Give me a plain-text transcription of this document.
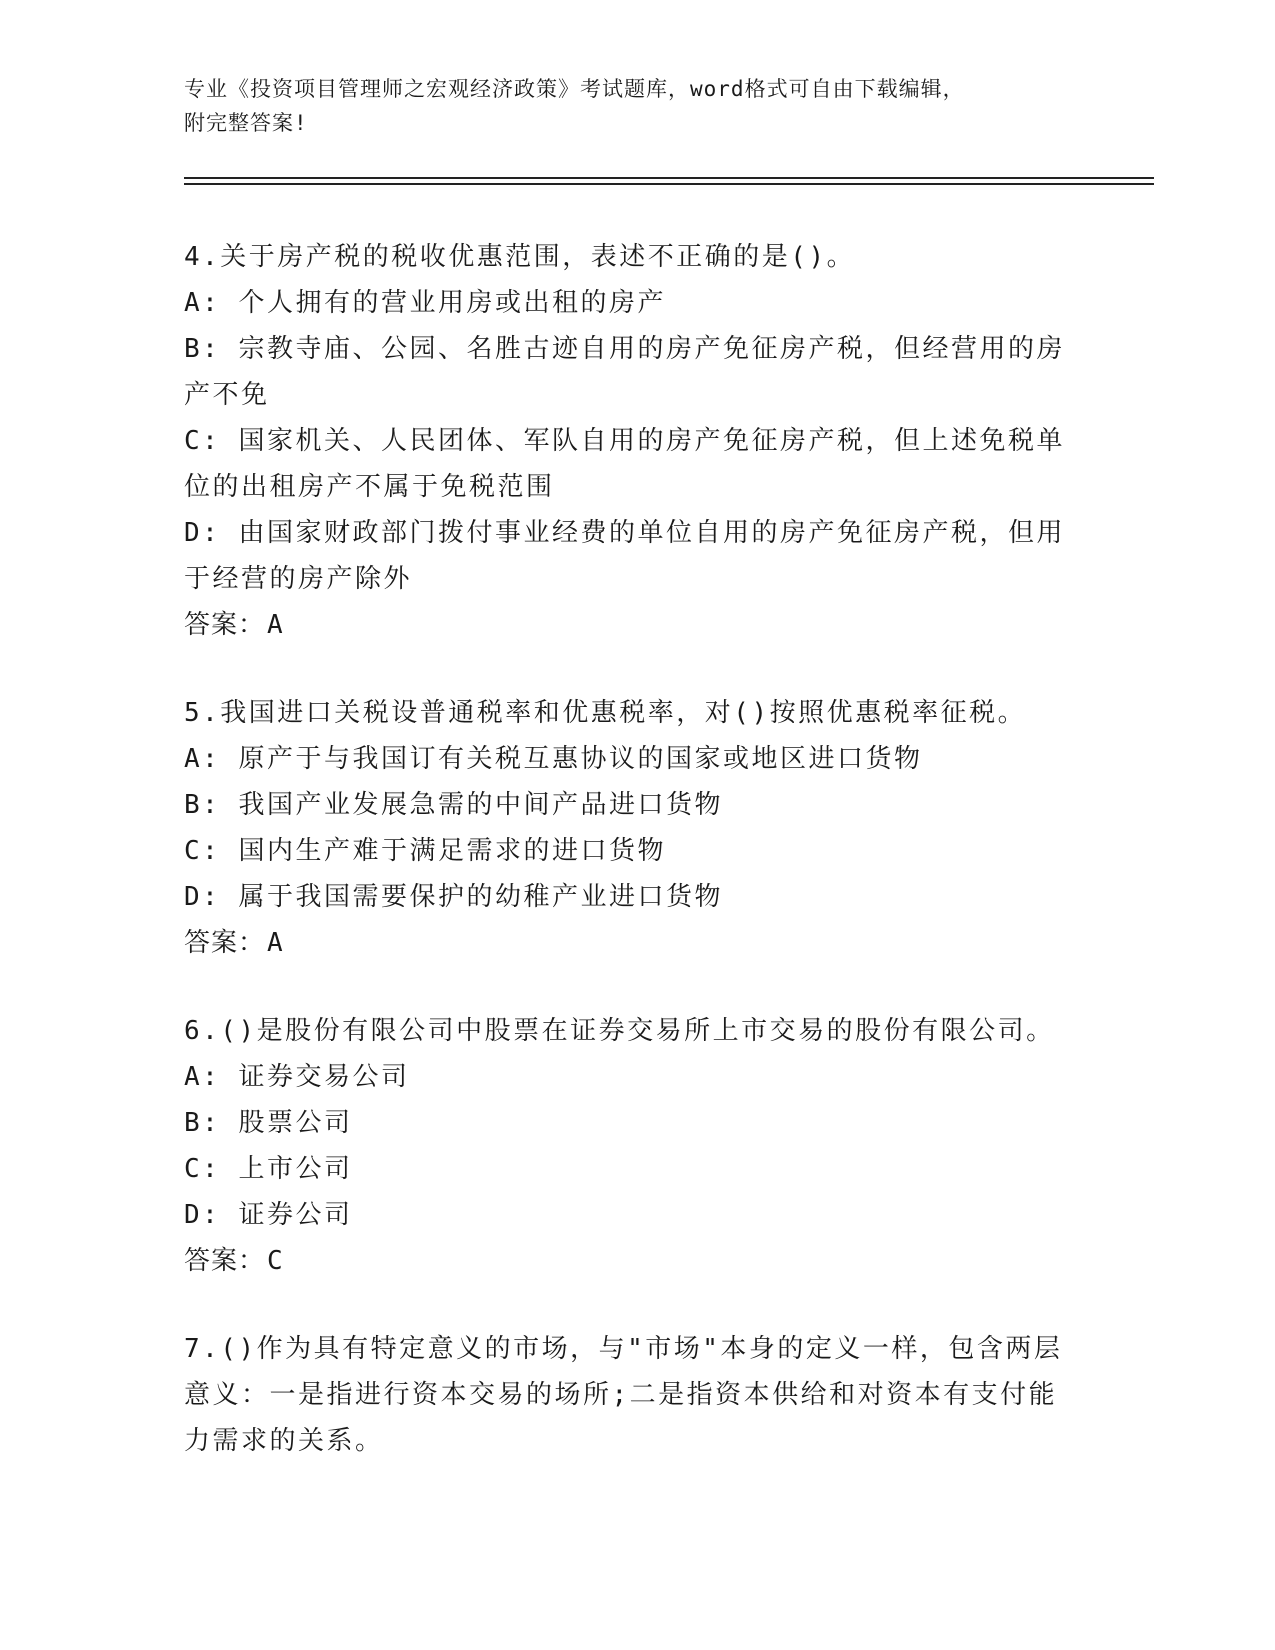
专业《投资项目管理师之宏观经济政策》考试题库，word格式可自由下载编辑，
附完整答案!
4.关于房产税的税收优惠范围，表述不正确的是()。
A: 个人拥有的营业用房或出租的房产
B: 宗教寺庙、公园、名胜古迹自用的房产免征房产税，但经营用的房产不免
C: 国家机关、人民团体、军队自用的房产免征房产税，但上述免税单位的出租房产不属于免税范围
D: 由国家财政部门拨付事业经费的单位自用的房产免征房产税，但用于经营的房产除外
答案：A
5.我国进口关税设普通税率和优惠税率，对()按照优惠税率征税。
A: 原产于与我国订有关税互惠协议的国家或地区进口货物
B: 我国产业发展急需的中间产品进口货物
C: 国内生产难于满足需求的进口货物
D: 属于我国需要保护的幼稚产业进口货物
答案：A
6.()是股份有限公司中股票在证券交易所上市交易的股份有限公司。
A: 证券交易公司
B: 股票公司
C: 上市公司
D: 证券公司
答案：C
7.()作为具有特定意义的市场，与"市场"本身的定义一样，包含两层意义：一是指进行资本交易的场所;二是指资本供给和对资本有支付能力需求的关系。
